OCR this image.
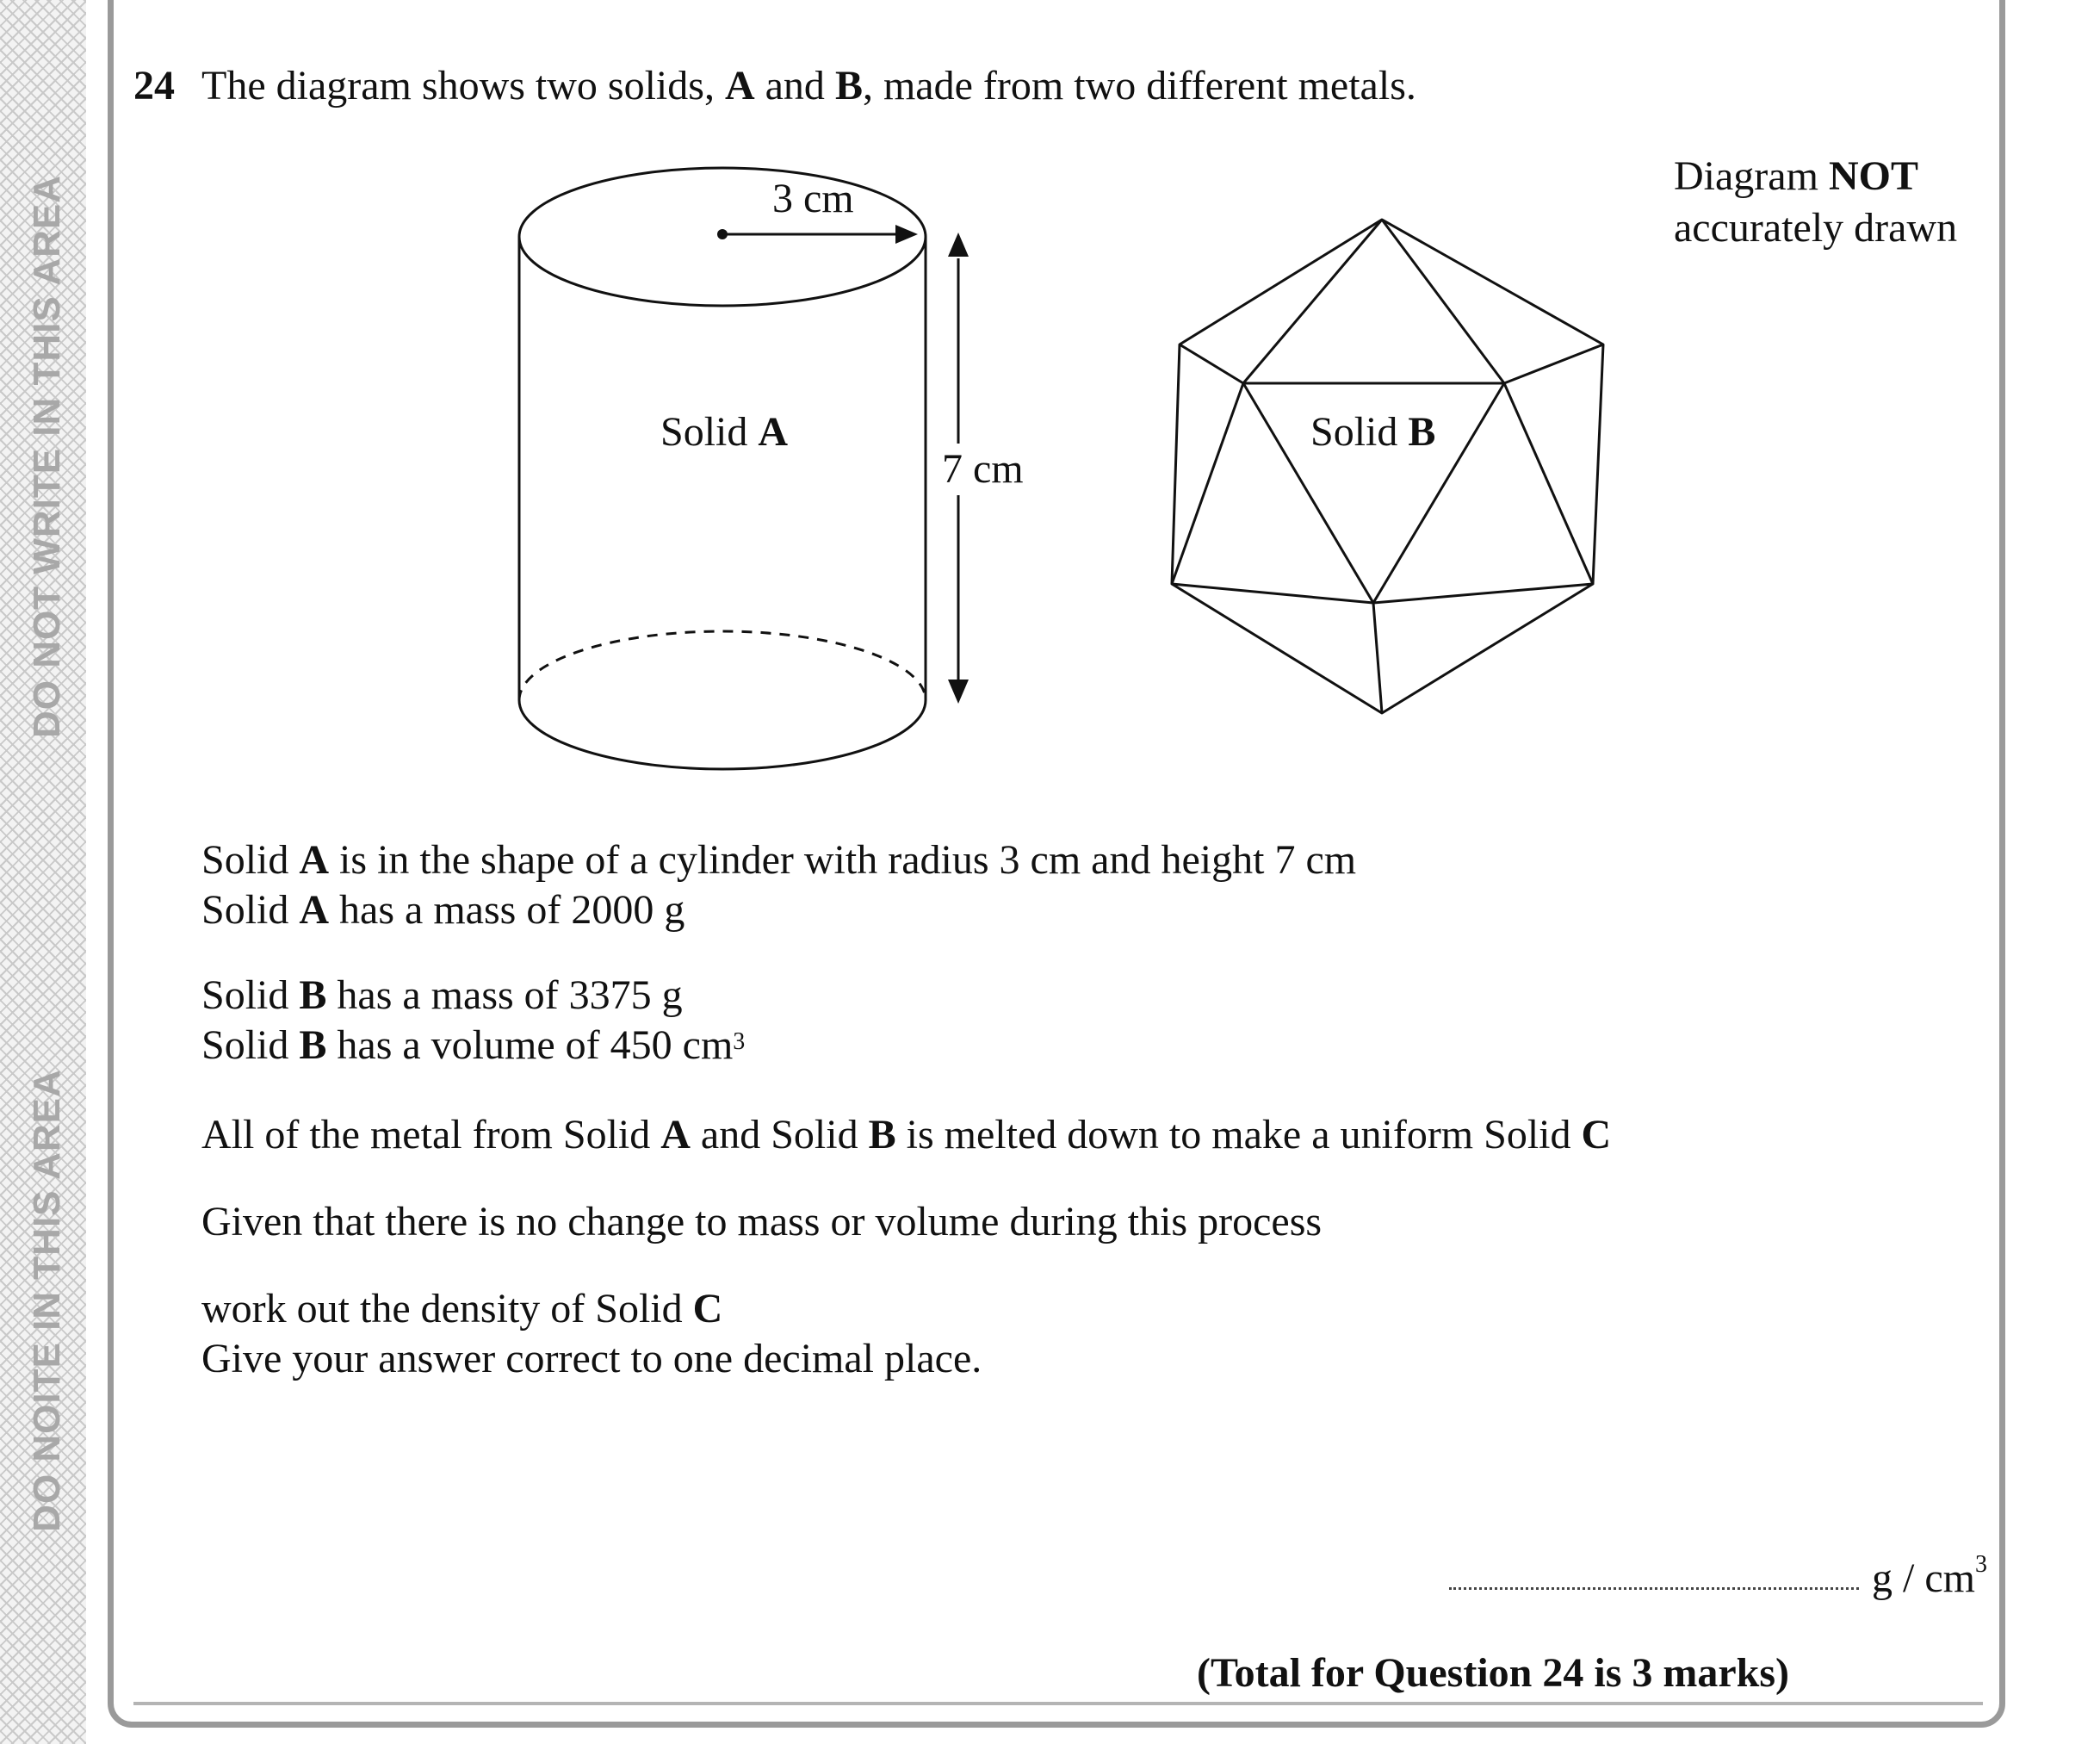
DO NOT WRITE IN THIS AREA
DO NOITE IN THIS AREA
24 The diagram shows two solids, A and B, made from two different metals.
Diagram NOT
accurately drawn
3 cm
7 cm
Solid A	Solid B
Solid A is in the shape of a cylinder with radius 3 cm and height 7 cm
Solid A has a mass of 2000 g
Solid B has a mass of 3375 g
Solid B has a volume of 450 $cm^3$
All of the metal from Solid A and Solid B is melted down to make a uniform Solid C
Given that there is no change to mass or volume during this process
work out the density of Solid C
Give your answer correct to one decimal place.
g / $cm^3$
(Total for Question 24 is 3 marks)
